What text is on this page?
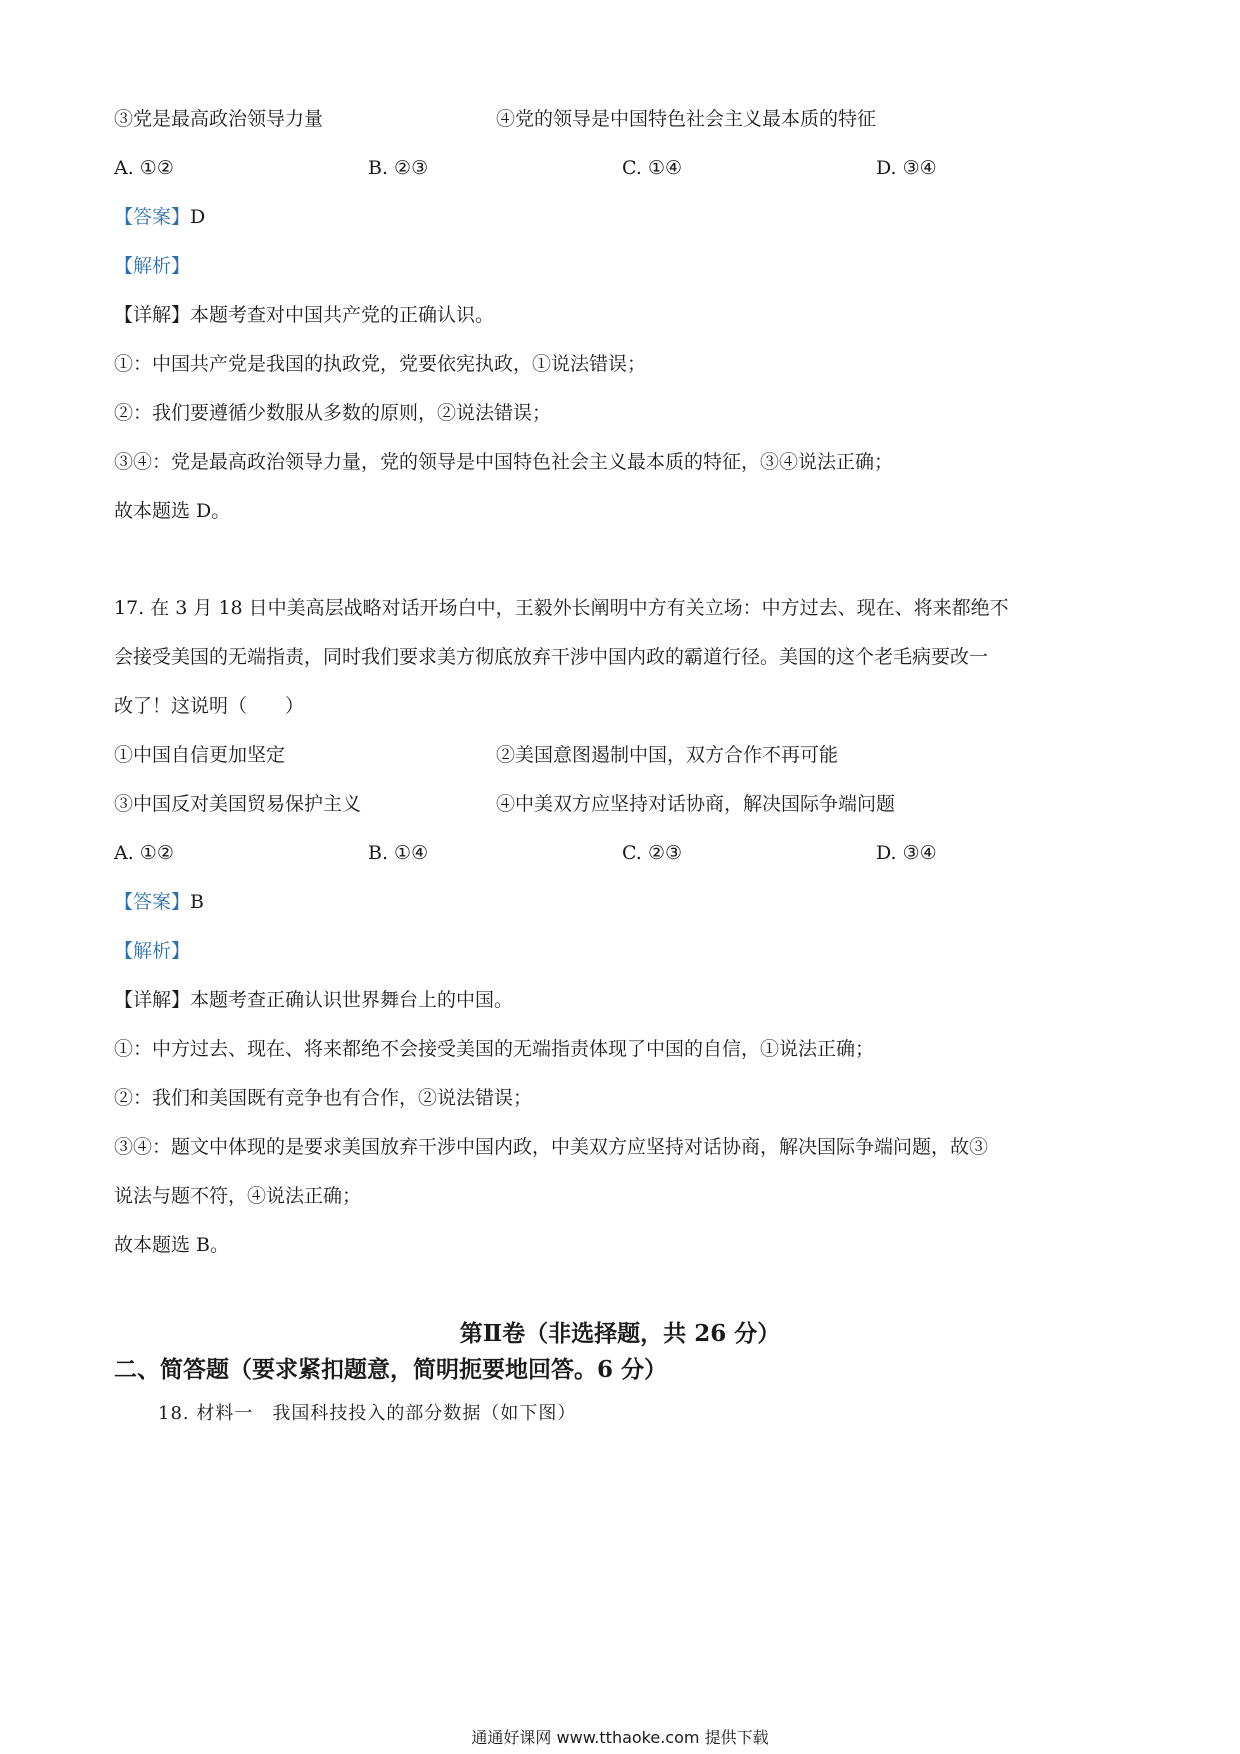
③党是最高政治领导力量	④党的领导是中国特色社会主义最本质的特征
A. ①②	B. ②③	C. ①④	D. ③④
【答案】D
【解析】
【详解】本题考查对中国共产党的正确认识。
①：中国共产党是我国的执政党，党要依宪执政，①说法错误；
②：我们要遵循少数服从多数的原则，②说法错误；
③④：党是最高政治领导力量，党的领导是中国特色社会主义最本质的特征，③④说法正确；
故本题选 D。
17. 在 3 月 18 日中美高层战略对话开场白中，王毅外长阐明中方有关立场：中方过去、现在、将来都绝不
会接受美国的无端指责，同时我们要求美方彻底放弃干涉中国内政的霸道行径。美国的这个老毛病要改一
改了！这说明（　　）
①中国自信更加坚定	②美国意图遏制中国，双方合作不再可能
③中国反对美国贸易保护主义	④中美双方应坚持对话协商，解决国际争端问题
A. ①②	B. ①④	C. ②③	D. ③④
【答案】B
【解析】
【详解】本题考查正确认识世界舞台上的中国。
①：中方过去、现在、将来都绝不会接受美国的无端指责体现了中国的自信，①说法正确；
②：我们和美国既有竞争也有合作，②说法错误；
③④：题文中体现的是要求美国放弃干涉中国内政，中美双方应坚持对话协商，解决国际争端问题，故③
说法与题不符，④说法正确；
故本题选 B。
第Ⅱ卷（非选择题，共 26 分）
二、简答题（要求紧扣题意，简明扼要地回答。6 分）
18. 材料一　我国科技投入的部分数据（如下图）
通通好课网 www.tthaoke.com 提供下载
